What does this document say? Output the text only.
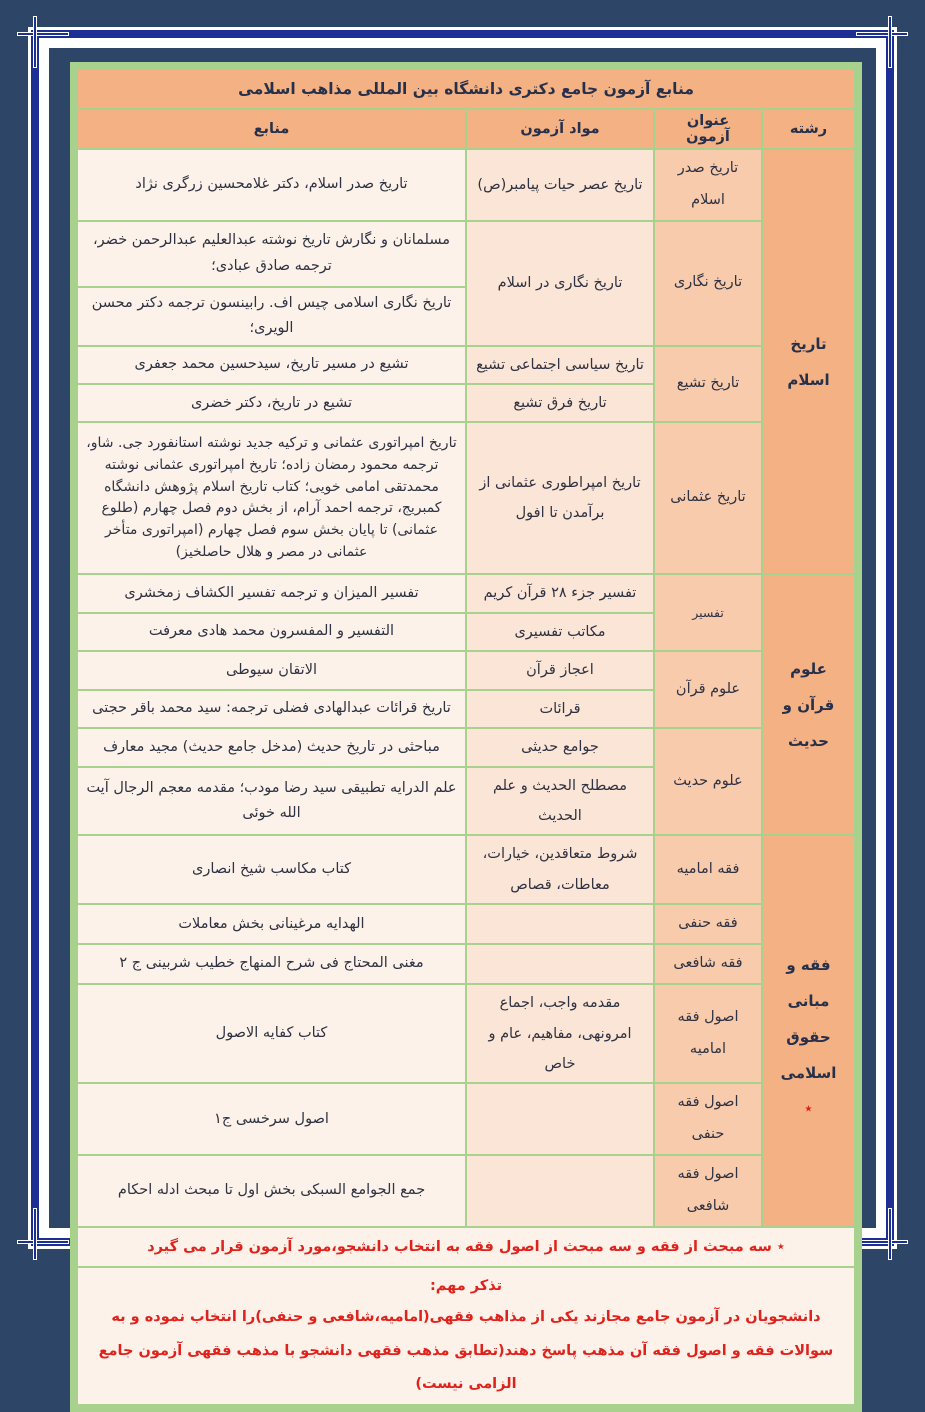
منابع آزمون جامع دکتری دانشگاه بین المللی مذاهب اسلامی			
رشته	عنوان آزمون	مواد آزمون	منابع
تاریخ اسلام	تاریخ صدر اسلام	تاریخ عصر حیات پیامبر(ص)	تاریخ صدر اسلام، دکتر غلامحسین زرگری نژاد
	تاریخ نگاری	تاریخ نگاری در اسلام	مسلمانان و نگارش تاریخ نوشته عبدالعلیم عبدالرحمن خضر، ترجمه صادق عبادی؛
			تاریخ نگاری اسلامی چیس اف. رابینسون ترجمه دکتر محسن الویری؛
	تاریخ تشیع	تاریخ سیاسی اجتماعی تشیع	تشیع در مسیر تاریخ، سیدحسین محمد جعفری
		تاریخ فرق تشیع	تشیع در تاریخ، دکتر خضری
	تاریخ عثمانی	تاریخ امپراطوری عثمانی از برآمدن تا افول	تاریخ امپراتوری عثمانی و ترکیه جدید نوشته استانفورد جی. شاو، ترجمه محمود رمضان زاده؛ تاریخ امپراتوری عثمانی نوشته محمدتقی امامی خویی؛ کتاب تاریخ اسلام پژوهش دانشگاه کمبریج، ترجمه احمد آرام، از بخش دوم فصل چهارم (طلوع عثمانی) تا پایان بخش سوم فصل چهارم (امپراتوری متأخر عثمانی در مصر و هلال حاصلخیز)
علوم قرآن و حدیث	تفسیر	تفسیر جزء ۲۸ قرآن کریم	تفسیر المیزان و ترجمه تفسیر الکشاف زمخشری
		مکاتب تفسیری	التفسیر و المفسرون محمد هادی معرفت
	علوم قرآن	اعجاز قرآن	الاتقان سیوطی
		قرائات	تاریخ قرائات عبدالهادی فضلی ترجمه: سید محمد باقر حجتی
	علوم حدیث	جوامع حدیثی	مباحثی در تاریخ حدیث (مدخل جامع حدیث) مجید معارف
		مصطلح الحدیث و علم الحدیث	علم الدرایه تطبیقی سید رضا مودب؛ مقدمه معجم الرجال آیت الله خوئی

فقه و مبانی حقوق اسلامی
٭	فقه امامیه	شروط متعاقدین، خیارات، معاطات، قصاص	کتاب مکاسب شیخ انصاری
	فقه حنفی		الهدایه مرغینانی بخش معاملات
	فقه شافعی		مغنی المحتاج فی شرح المنهاج خطیب شربینی ج ۲
	اصول فقه امامیه	مقدمه واجب، اجماع امرونهی، مفاهیم، عام و خاص	کتاب کفایه الاصول
	اصول فقه حنفی		اصول سرخسی ج۱
	اصول فقه شافعی		جمع الجوامع السبکی بخش اول تا مبحث ادله احکام
٭ سه مبحث از فقه و سه مبحث از اصول فقه به انتخاب دانشجو،مورد آزمون قرار می گیرد			

تذکر مهم:
دانشجویان در آزمون جامع مجازند یکی از مذاهب فقهی(امامیه،شافعی و حنفی)را انتخاب نموده و به سوالات فقه و اصول فقه آن مذهب پاسخ دهند(تطابق مذهب فقهی دانشجو با مذهب فقهی آزمون جامع الزامی نیست)			
